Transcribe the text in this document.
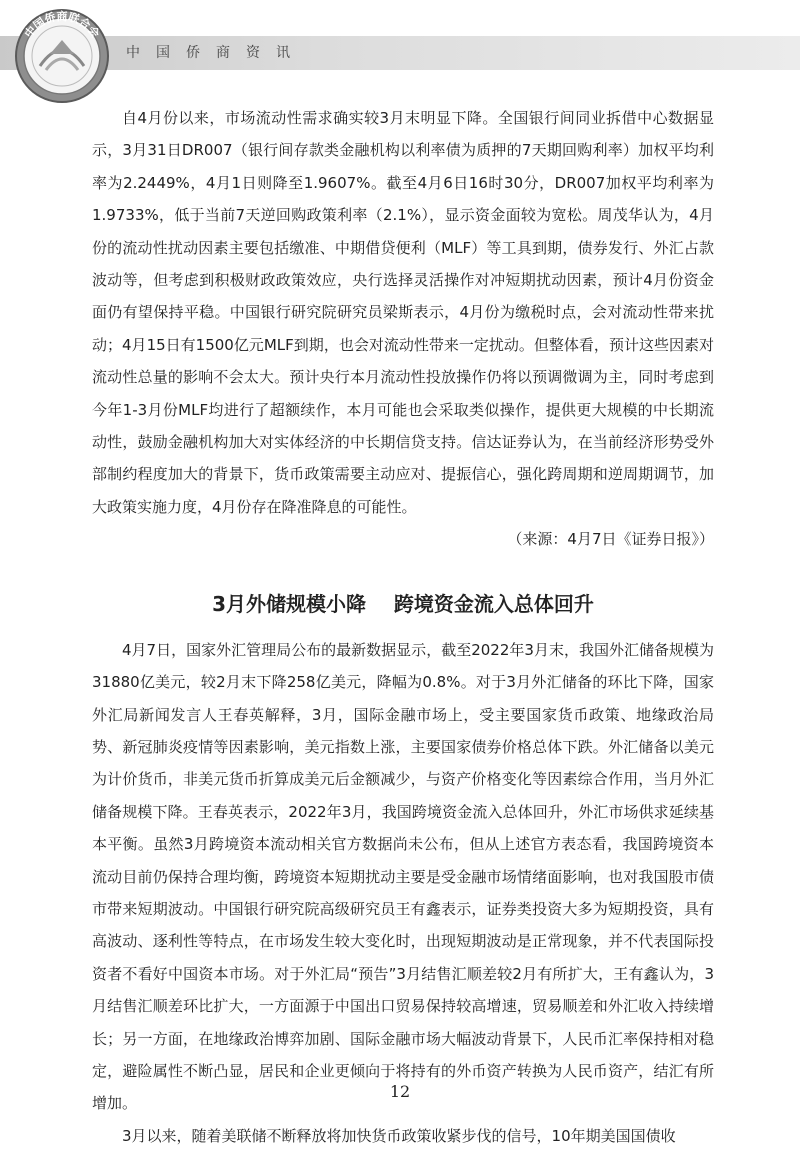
中国侨商联合会
中国侨商资讯

自4月份以来，市场流动性需求确实较3月末明显下降。全国银行间同业拆借中心数据显示，3月31日DR007（银行间存款类金融机构以利率债为质押的7天期回购利率）加权平均利率为2.2449%，4月1日则降至1.9607%。截至4月6日16时30分，DR007加权平均利率为1.9733%，低于当前7天逆回购政策利率（2.1%），显示资金面较为宽松。周茂华认为，4月份的流动性扰动因素主要包括缴准、中期借贷便利（MLF）等工具到期，债券发行、外汇占款波动等，但考虑到积极财政政策效应，央行选择灵活操作对冲短期扰动因素，预计4月份资金面仍有望保持平稳。中国银行研究院研究员梁斯表示，4月份为缴税时点，会对流动性带来扰动；4月15日有1500亿元MLF到期，也会对流动性带来一定扰动。但整体看，预计这些因素对流动性总量的影响不会太大。预计央行本月流动性投放操作仍将以预调微调为主，同时考虑到今年1-3月份MLF均进行了超额续作，本月可能也会采取类似操作，提供更大规模的中长期流动性，鼓励金融机构加大对实体经济的中长期信贷支持。信达证券认为，在当前经济形势受外部制约程度加大的背景下，货币政策需要主动应对、提振信心，强化跨周期和逆周期调节，加大政策实施力度，4月份存在降准降息的可能性。

（来源：4月7日《证券日报》）

3月外储规模小降    跨境资金流入总体回升

4月7日，国家外汇管理局公布的最新数据显示，截至2022年3月末，我国外汇储备规模为31880亿美元，较2月末下降258亿美元，降幅为0.8%。对于3月外汇储备的环比下降，国家外汇局新闻发言人王春英解释，3月，国际金融市场上，受主要国家货币政策、地缘政治局势、新冠肺炎疫情等因素影响，美元指数上涨，主要国家债券价格总体下跌。外汇储备以美元为计价货币，非美元货币折算成美元后金额减少，与资产价格变化等因素综合作用，当月外汇储备规模下降。王春英表示，2022年3月，我国跨境资金流入总体回升，外汇市场供求延续基本平衡。虽然3月跨境资本流动相关官方数据尚未公布，但从上述官方表态看，我国跨境资本流动目前仍保持合理均衡，跨境资本短期扰动主要是受金融市场情绪面影响，也对我国股市债市带来短期波动。中国银行研究院高级研究员王有鑫表示，证券类投资大多为短期投资，具有高波动、逐利性等特点，在市场发生较大变化时，出现短期波动是正常现象，并不代表国际投资者不看好中国资本市场。对于外汇局“预告”3月结售汇顺差较2月有所扩大，王有鑫认为，3月结售汇顺差环比扩大，一方面源于中国出口贸易保持较高增速，贸易顺差和外汇收入持续增长；另一方面，在地缘政治博弈加剧、国际金融市场大幅波动背景下，人民币汇率保持相对稳定，避险属性不断凸显，居民和企业更倾向于将持有的外币资产转换为人民币资产，结汇有所增加。

3月以来，随着美联储不断释放将加快货币政策收紧步伐的信号，10年期美国国债收

12
